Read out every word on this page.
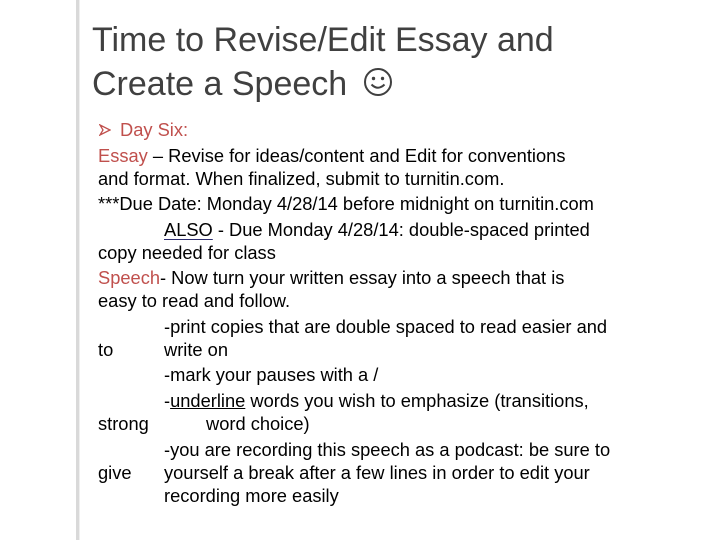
Time to Revise/Edit Essay and
Create a Speech
Day Six:
Essay – Revise for ideas/content and Edit for conventions
and format. When finalized, submit to turnitin.com.
***Due Date: Monday 4/28/14 before midnight on turnitin.com
ALSO - Due Monday 4/28/14: double-spaced printed
copy needed for class
Speech- Now turn your written essay into a speech that is
easy to read and follow.
-print copies that are double spaced to read easier and
to	write on
-mark your pauses with a /
-underline words you wish to emphasize (transitions,
strong	word choice)
-you are recording this speech as a podcast: be sure to
give yourself a break after a few lines in order to edit your
recording more easily
